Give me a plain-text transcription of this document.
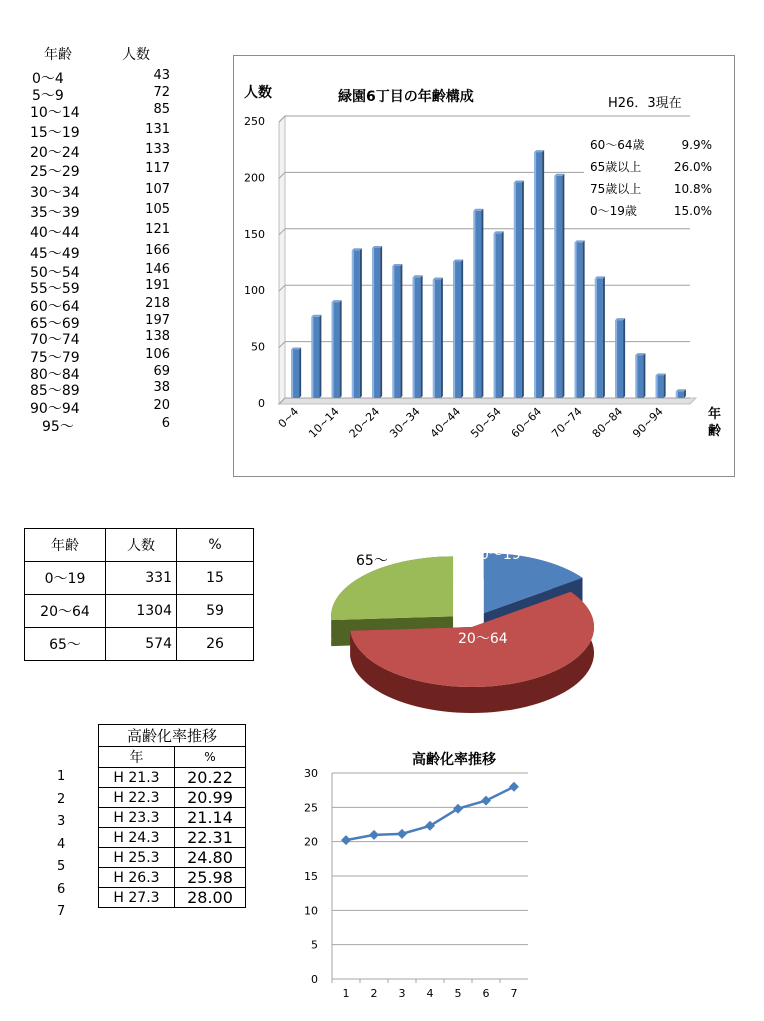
年齢	人数
0～4	43
5～9	72
10～14	85
15～19	131
20～24	133
25～29	117
30～34	107
35～39	105
40～44	121
45～49	166
50～54	146
55～59	191
60～64	218
65～69	197
70～74	138
75～79	106
80～84	69
85～89	38
90～94	20
95～	6
0
50
100
150
200
250
0~4 10~14 20~24 30~34 40~44 50~54 60~64 70~74 80~84 90~94
人数	緑園6丁目の年齢構成	H26．3現在
年齢
60～64歳	9.9%
65歳以上	26.0%
75歳以上	10.8%
0～19歳	15.0%
年齢	人数	%
0～19	331	15
20～64	1304	59
65～	574	26
0～19
20～64
65～
高齢化率推移	
年	%
H 21.3	20.22
H 22.3	20.99
H 23.3	21.14
H 24.3	22.31
H 25.3	24.80
H 26.3	25.98
H 27.3	28.00
1
2
3
4
5
6
7
高齢化率推移
0
5
10
15
20
25
30
1 2 3 4 5 6 7
